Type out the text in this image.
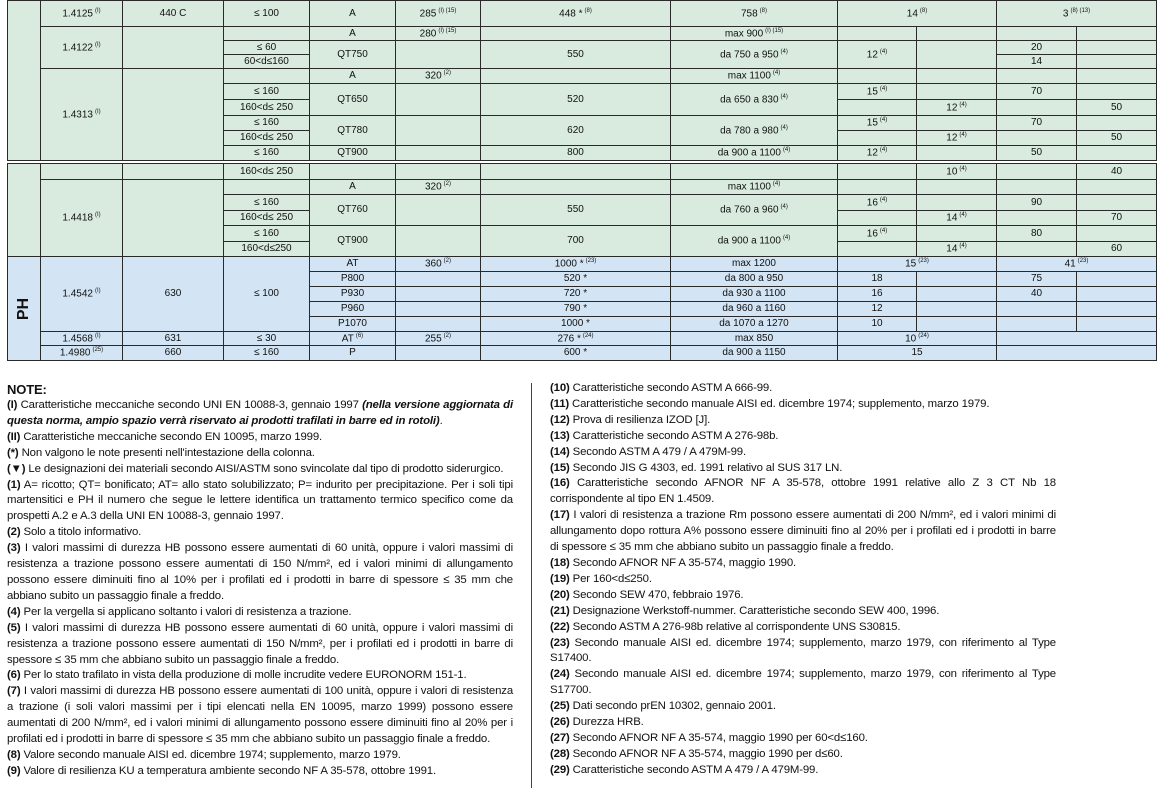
	1.4125 $^{(I)}$	440 C	≤ 100	A	285 $^{(I) (15)}$	448 * $^{(8)}$	758 $^{(8)}$	14 $^{(8)}$		3 $^{(8) (13)}$
	1.4122 $^{(I)}$			A	280 $^{(I) (15)}$		max 900 $^{(I) (15)}$				
			≤ 60	QT750		550	da 750 a 950 $^{(4)}$	12 $^{(4)}$		20	
			60<d≤160							14	
	1.4313 $^{(I)}$			A	320 $^{(2)}$		max 1100 $^{(4)}$				
			≤ 160	QT650		520	da 650 a 830 $^{(4)}$	15 $^{(4)}$		70	
			160<d≤ 250						12 $^{(4)}$		50
			≤ 160	QT780		620	da 780 a 980 $^{(4)}$	15 $^{(4)}$		70	
			160<d≤ 250						12 $^{(4)}$		50
			≤ 160	QT900		800	da 900 a 1100 $^{(4)}$	12 $^{(4)}$		50	
			160<d≤ 250						10 $^{(4)}$		40
	1.4418 $^{(I)}$			A	320 $^{(2)}$		max 1100 $^{(4)}$				
			≤ 160	QT760		550	da 760 a 960 $^{(4)}$	16 $^{(4)}$		90	
			160<d≤ 250						14 $^{(4)}$		70
			≤ 160	QT900		700	da 900 a 1100 $^{(4)}$	16 $^{(4)}$		80	
			160<d≤250						14 $^{(4)}$		60

PH	1.4542 $^{(I)}$	630	≤ 100	AT	360 $^{(2)}$	1000 * $^{(23)}$	max 1200	15 $^{(23)}$		41 $^{(23)}$
				P800		520 *	da 800 a 950	18		75	
				P930		720 *	da 930 a 1100	16		40	
				P960		790 *	da 960 a 1160	12			
				P1070		1000 *	da 1070 a 1270	10			
	1.4568 $^{(I)}$	631	≤ 30	AT $^{(6)}$	255 $^{(2)}$	276 * $^{(24)}$	max 850	10 $^{(24)}$	
	1.4980 $^{(25)}$	660	≤ 160	P		600 *	da 900 a 1150	15			

NOTE:

(I) Caratteristiche meccaniche secondo UNI EN 10088-3, gennaio 1997 (nella versione aggiornata di questa norma, ampio spazio verrà riservato ai prodotti trafilati in barre ed in rotoli).

(II) Caratteristiche meccaniche secondo EN 10095, marzo 1999.

(*) Non valgono le note presenti nell'intestazione della colonna.

(▼) Le designazioni dei materiali secondo AISI/ASTM sono svincolate dal tipo di prodotto siderurgico.

(1) A= ricotto; QT= bonificato; AT= allo stato solubilizzato; P= indurito per precipitazione. Per i soli tipi martensitici e PH il numero che segue le lettere identifica un trattamento termico specifico come da prospetti A.2 e A.3 della UNI EN 10088-3, gennaio 1997.

(2) Solo a titolo informativo.

(3) I valori massimi di durezza HB possono essere aumentati di 60 unità, oppure i valori massimi di resistenza a trazione possono essere aumentati di 150 N/mm², ed i valori minimi di allungamento possono essere diminuiti fino al 10% per i profilati ed i prodotti in barre di spessore ≤ 35 mm che abbiano subito un passaggio finale a freddo.

(4) Per la vergella si applicano soltanto i valori di resistenza a trazione.

(5) I valori massimi di durezza HB possono essere aumentati di 60 unità, oppure i valori massimi di resistenza a trazione possono essere aumentati di 150 N/mm², per i profilati ed i prodotti in barre di spessore ≤ 35 mm che abbiano subito un passaggio finale a freddo.

(6) Per lo stato trafilato in vista della produzione di molle incrudite vedere EURONORM 151-1.

(7) I valori massimi di durezza HB possono essere aumentati di 100 unità, oppure i valori di resistenza a trazione (i soli valori massimi per i tipi elencati nella EN 10095, marzo 1999) possono essere aumentati di 200 N/mm², ed i valori minimi di allungamento possono essere diminuiti fino al 20% per i profilati ed i prodotti in barre di spessore ≤ 35 mm che abbiano subito un passaggio finale a freddo.

(8) Valore secondo manuale AISI ed. dicembre 1974; supplemento, marzo 1979.

(9) Valore di resilienza KU a temperatura ambiente secondo NF A 35-578, ottobre 1991.

(10) Caratteristiche secondo ASTM A 666-99.

(11) Caratteristiche secondo manuale AISI ed. dicembre 1974; supplemento, marzo 1979.

(12) Prova di resilienza IZOD [J].

(13) Caratteristiche secondo ASTM A 276-98b.

(14) Secondo ASTM A 479 / A 479M-99.

(15) Secondo JIS G 4303, ed. 1991 relativo al SUS 317 LN.

(16) Caratteristiche secondo AFNOR NF A 35-578, ottobre 1991 relative allo Z 3 CT Nb 18 corrispondente al tipo EN 1.4509.

(17) I valori di resistenza a trazione Rm possono essere aumentati di 200 N/mm², ed i valori minimi di allungamento dopo rottura A% possono essere diminuiti fino al 20% per i profilati ed i prodotti in barre di spessore ≤ 35 mm che abbiano subito un passaggio finale a freddo.

(18) Secondo AFNOR NF A 35-574, maggio 1990.

(19) Per 160<d≤250.

(20) Secondo SEW 470, febbraio 1976.

(21) Designazione Werkstoff-nummer. Caratteristiche secondo SEW 400, 1996.

(22) Secondo ASTM A 276-98b relative al corrispondente UNS S30815.

(23) Secondo manuale AISI ed. dicembre 1974; supplemento, marzo 1979, con riferimento al Type S17400.

(24) Secondo manuale AISI ed. dicembre 1974; supplemento, marzo 1979, con riferimento al Type S17700.

(25) Dati secondo prEN 10302, gennaio 2001.

(26) Durezza HRB.

(27) Secondo AFNOR NF A 35-574, maggio 1990 per 60<d≤160.

(28) Secondo AFNOR NF A 35-574, maggio 1990 per d≤60.

(29) Caratteristiche secondo ASTM A 479 / A 479M-99.
